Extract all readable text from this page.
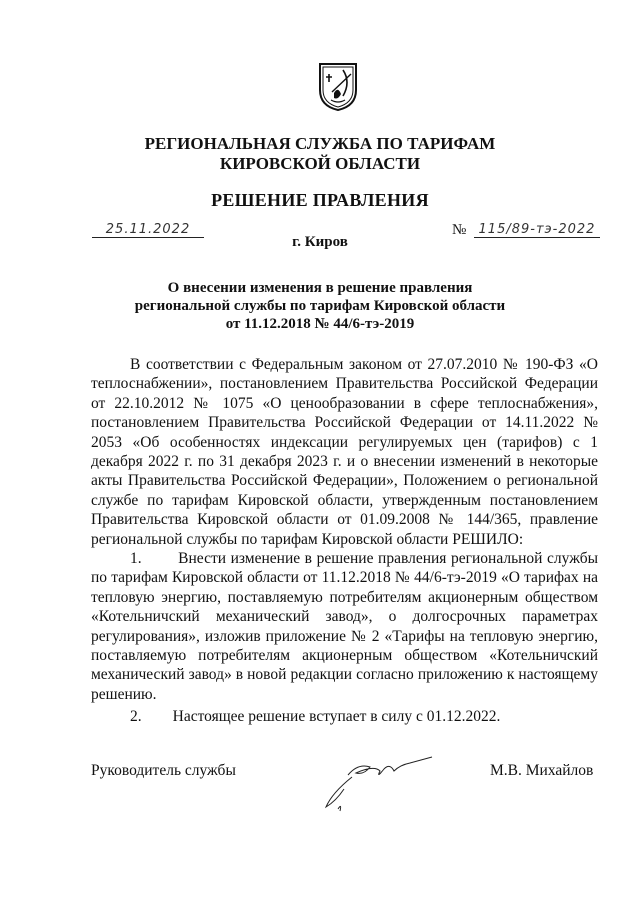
РЕГИОНАЛЬНАЯ СЛУЖБА ПО ТАРИФАМ
КИРОВСКОЙ ОБЛАСТИ
РЕШЕНИЕ ПРАВЛЕНИЯ
25.11.2022	№ 115/89-тэ-2022
г. Киров
О внесении изменения в решение правления
региональной службы по тарифам Кировской области
от 11.12.2018 № 44/6-тэ-2019
В соответствии с Федеральным законом от 27.07.2010 № 190-ФЗ «О теплоснабжении», постановлением Правительства Российской Федерации от 22.10.2012 № 1075 «О ценообразовании в сфере теплоснабжения», постановлением Правительства Российской Федерации от 14.11.2022 № 2053 «Об особенностях индексации регулируемых цен (тарифов) с 1 декабря 2022 г. по 31 декабря 2023 г. и о внесении изменений в некоторые акты Правительства Российской Федерации», Положением о региональной службе по тарифам Кировской области, утвержденным постановлением Правительства Кировской области от 01.09.2008 № 144/365, правление региональной службы по тарифам Кировской области РЕШИЛО:
1. Внести изменение в решение правления региональной службы по тарифам Кировской области от 11.12.2018 № 44/6-тэ-2019 «О тарифах на тепловую энергию, поставляемую потребителям акционерным обществом «Котельничский механический завод», о долгосрочных параметрах регулирования», изложив приложение № 2 «Тарифы на тепловую энергию, поставляемую потребителям акционерным обществом «Котельничский механический завод» в новой редакции согласно приложению к настоящему решению.
2. Настоящее решение вступает в силу с 01.12.2022.
Руководитель службы	М.В. Михайлов
